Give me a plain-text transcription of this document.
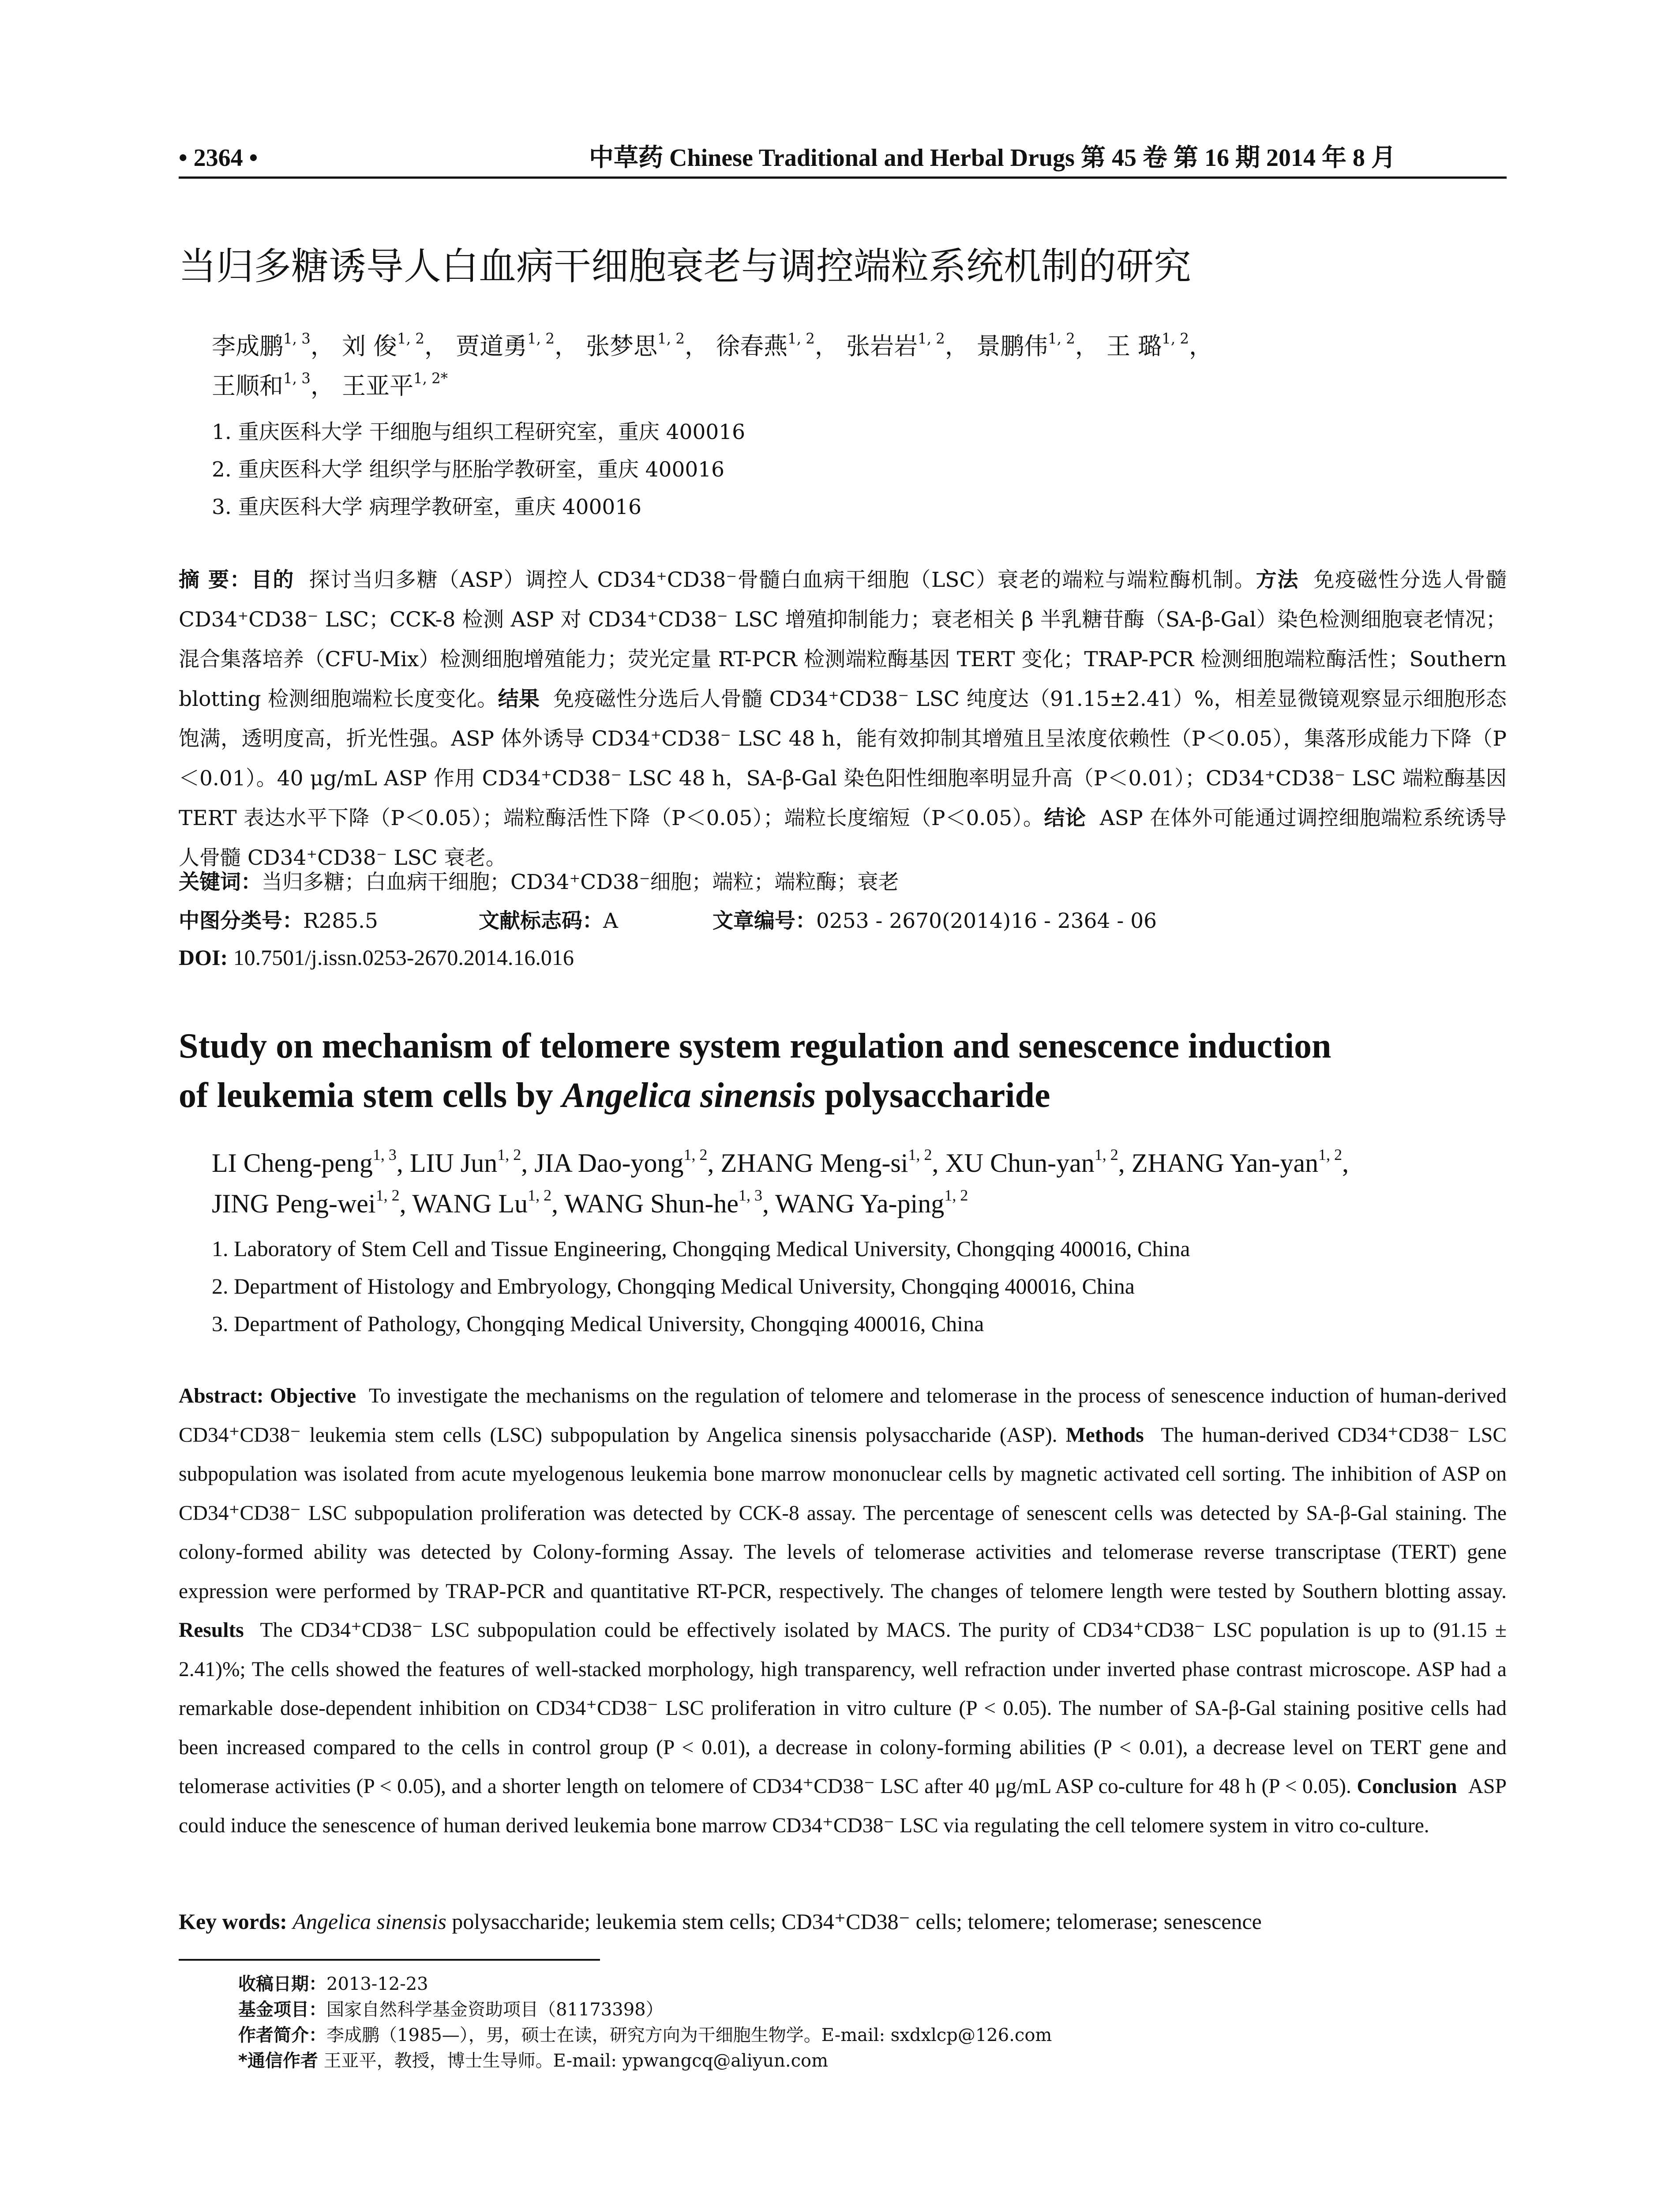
• 2364 •	中草药 Chinese Traditional and Herbal Drugs 第 45 卷 第 16 期 2014 年 8 月
当归多糖诱导人白血病干细胞衰老与调控端粒系统机制的研究
李成鹏$^{1, 3}$， 刘 俊$^{1, 2}$， 贾道勇$^{1, 2}$， 张梦思$^{1, 2}$， 徐春燕$^{1, 2}$， 张岩岩$^{1, 2}$， 景鹏伟$^{1, 2}$， 王 璐$^{1, 2}$，
王顺和$^{1, 3}$， 王亚平$^{1, 2*}$
1. 重庆医科大学 干细胞与组织工程研究室，重庆 400016
2. 重庆医科大学 组织学与胚胎学教研室，重庆 400016
3. 重庆医科大学 病理学教研室，重庆 400016

摘 要：目的 探讨当归多糖（ASP）调控人 CD34⁺CD38⁻骨髓白血病干细胞（LSC）衰老的端粒与端粒酶机制。方法 免疫磁性分选人骨髓 CD34⁺CD38⁻ LSC；CCK-8 检测 ASP 对 CD34⁺CD38⁻ LSC 增殖抑制能力；衰老相关 β 半乳糖苷酶（SA-β-Gal）染色检测细胞衰老情况；混合集落培养（CFU-Mix）检测细胞增殖能力；荧光定量 RT-PCR 检测端粒酶基因 TERT 变化；TRAP-PCR 检测细胞端粒酶活性；Southern blotting 检测细胞端粒长度变化。结果 免疫磁性分选后人骨髓 CD34⁺CD38⁻ LSC 纯度达（91.15±2.41）%，相差显微镜观察显示细胞形态饱满，透明度高，折光性强。ASP 体外诱导 CD34⁺CD38⁻ LSC 48 h，能有效抑制其增殖且呈浓度依赖性（P＜0.05），集落形成能力下降（P＜0.01）。40 μg/mL ASP 作用 CD34⁺CD38⁻ LSC 48 h，SA-β-Gal 染色阳性细胞率明显升高（P＜0.01）；CD34⁺CD38⁻ LSC 端粒酶基因 TERT 表达水平下降（P＜0.05）；端粒酶活性下降（P＜0.05）；端粒长度缩短（P＜0.05）。结论 ASP 在体外可能通过调控细胞端粒系统诱导人骨髓 CD34⁺CD38⁻ LSC 衰老。

关键词：当归多糖；白血病干细胞；CD34⁺CD38⁻细胞；端粒；端粒酶；衰老
中图分类号：R285.5	文献标志码：A	文章编号：0253 - 2670(2014)16 - 2364 - 06
DOI: 10.7501/j.issn.0253-2670.2014.16.016
Study on mechanism of telomere system regulation and senescence induction
of leukemia stem cells by Angelica sinensis polysaccharide
LI Cheng-peng$^{1, 3}$, LIU Jun$^{1, 2}$, JIA Dao-yong$^{1, 2}$, ZHANG Meng-si$^{1, 2}$, XU Chun-yan$^{1, 2}$, ZHANG Yan-yan$^{1, 2}$,
JING Peng-wei$^{1, 2}$, WANG Lu$^{1, 2}$, WANG Shun-he$^{1, 3}$, WANG Ya-ping$^{1, 2}$
1. Laboratory of Stem Cell and Tissue Engineering, Chongqing Medical University, Chongqing 400016, China
2. Department of Histology and Embryology, Chongqing Medical University, Chongqing 400016, China
3. Department of Pathology, Chongqing Medical University, Chongqing 400016, China

Abstract: Objective To investigate the mechanisms on the regulation of telomere and telomerase in the process of senescence induction of human-derived CD34⁺CD38⁻ leukemia stem cells (LSC) subpopulation by Angelica sinensis polysaccharide (ASP). Methods The human-derived CD34⁺CD38⁻ LSC subpopulation was isolated from acute myelogenous leukemia bone marrow mononuclear cells by magnetic activated cell sorting. The inhibition of ASP on CD34⁺CD38⁻ LSC subpopulation proliferation was detected by CCK-8 assay. The percentage of senescent cells was detected by SA-β-Gal staining. The colony-formed ability was detected by Colony-forming Assay. The levels of telomerase activities and telomerase reverse transcriptase (TERT) gene expression were performed by TRAP-PCR and quantitative RT-PCR, respectively. The changes of telomere length were tested by Southern blotting assay. Results The CD34⁺CD38⁻ LSC subpopulation could be effectively isolated by MACS. The purity of CD34⁺CD38⁻ LSC population is up to (91.15 ± 2.41)%; The cells showed the features of well-stacked morphology, high transparency, well refraction under inverted phase contrast microscope. ASP had a remarkable dose-dependent inhibition on CD34⁺CD38⁻ LSC proliferation in vitro culture (P < 0.05). The number of SA-β-Gal staining positive cells had been increased compared to the cells in control group (P < 0.01), a decrease in colony-forming abilities (P < 0.01), a decrease level on TERT gene and telomerase activities (P < 0.05), and a shorter length on telomere of CD34⁺CD38⁻ LSC after 40 μg/mL ASP co-culture for 48 h (P < 0.05). Conclusion ASP could induce the senescence of human derived leukemia bone marrow CD34⁺CD38⁻ LSC via regulating the cell telomere system in vitro co-culture.

Key words: Angelica sinensis polysaccharide; leukemia stem cells; CD34⁺CD38⁻ cells; telomere; telomerase; senescence
收稿日期：2013-12-23
基金项目：国家自然科学基金资助项目（81173398）
作者简介：李成鹏（1985—），男，硕士在读，研究方向为干细胞生物学。E-mail: sxdxlcp@126.com
*通信作者 王亚平，教授，博士生导师。E-mail: ypwangcq@aliyun.com
